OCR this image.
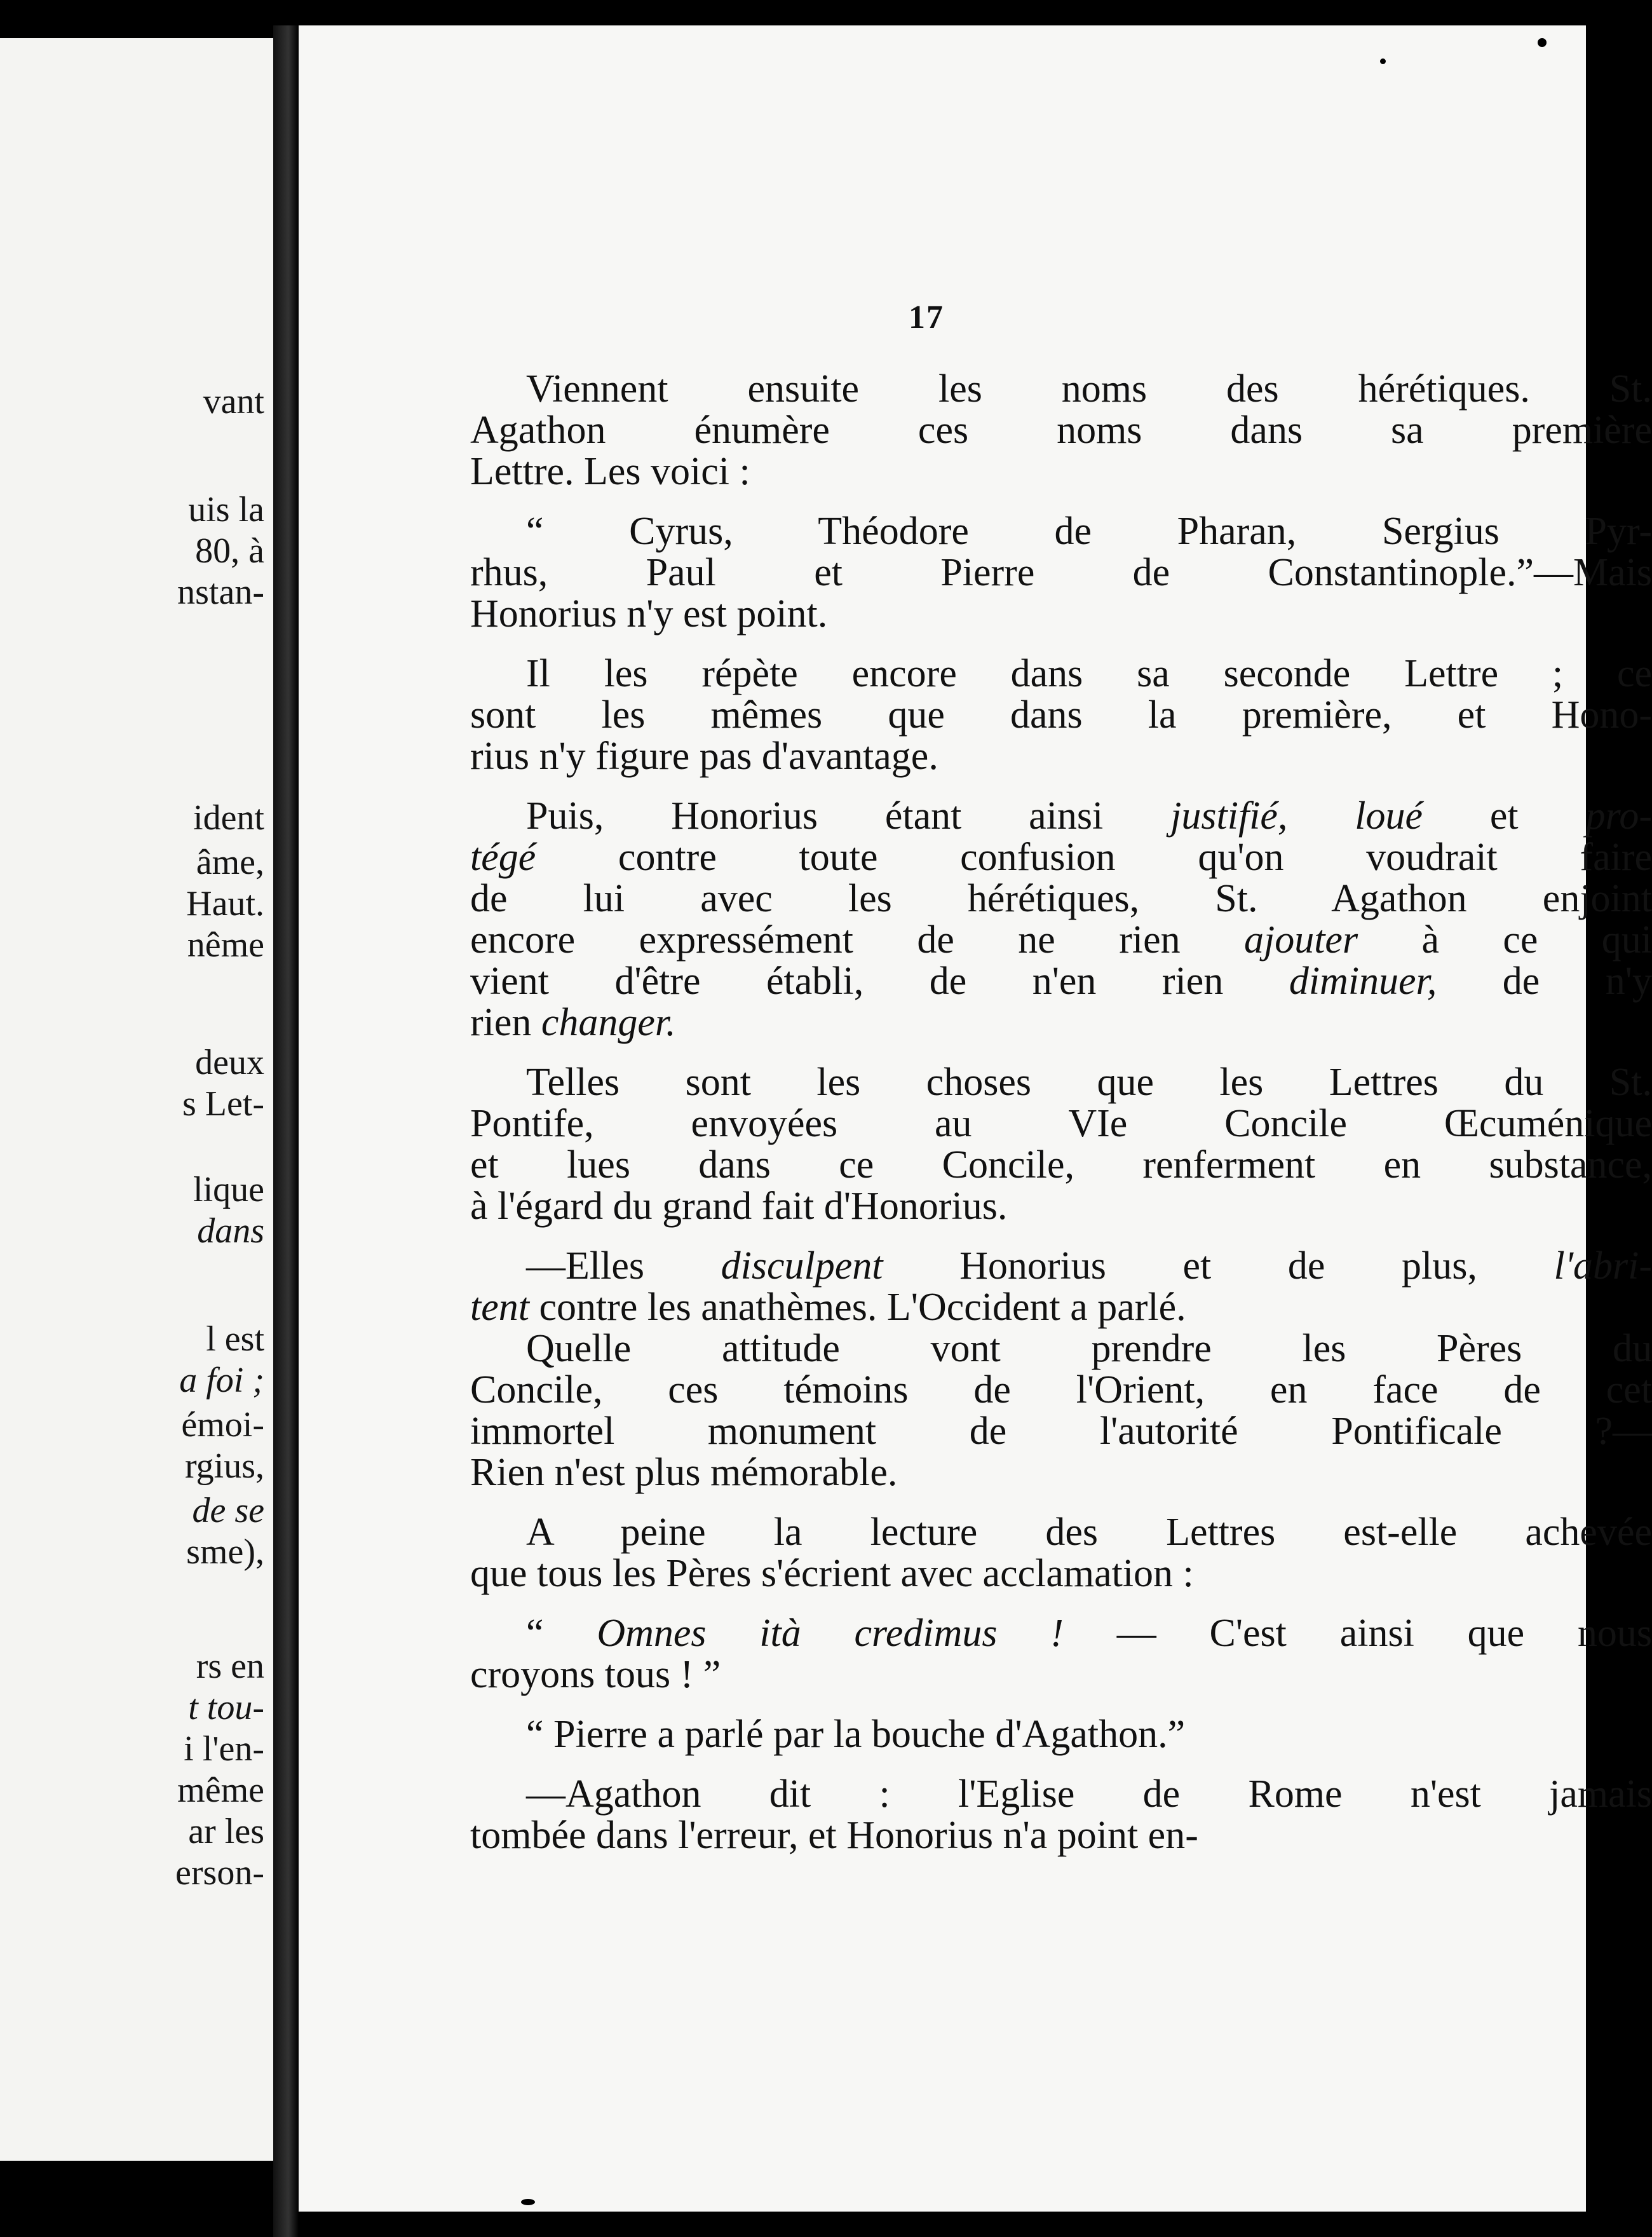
vant
uis la
80, à
nstan-
ident
âme,
Haut.
nême
deux
s Let-
lique
dans
l est
a foi ;
émoi-
rgius,
de se
sme),
rs en
t tou-
i l'en-
même
ar les
erson-
17
Viennent ensuite les noms des hérétiques. St.
Agathon énumère ces noms dans sa première
Lettre. Les voici :
“ Cyrus, Théodore de Pharan, Sergius Pyr-
rhus, Paul et Pierre de Constantinople.”—Mais
Honorius n'y est point.
Il les répète encore dans sa seconde Lettre ; ce
sont les mêmes que dans la première, et Hono-
rius n'y figure pas d'avantage.
Puis, Honorius étant ainsi justifié, loué et pro-
tégé contre toute confusion qu'on voudrait faire
de lui avec les hérétiques, St. Agathon enjoint
encore expressément de ne rien ajouter à ce qui
vient d'être établi, de n'en rien diminuer, de n'y
rien changer.
Telles sont les choses que les Lettres du St.
Pontife, envoyées au VIe Concile Œcuménique
et lues dans ce Concile, renferment en substance,
à l'égard du grand fait d'Honorius.
—Elles disculpent Honorius et de plus, l'abri-
tent contre les anathèmes. L'Occident a parlé.
Quelle attitude vont prendre les Pères du
Concile, ces témoins de l'Orient, en face de cet
immortel monument de l'autorité Pontificale ?—
Rien n'est plus mémorable.
A peine la lecture des Lettres est-elle achevée
que tous les Pères s'écrient avec acclamation :
“ Omnes ità credimus ! — C'est ainsi que nous
croyons tous ! ”
“ Pierre a parlé par la bouche d'Agathon.”
—Agathon dit : l'Eglise de Rome n'est jamais
tombée dans l'erreur, et Honorius n'a point en-
